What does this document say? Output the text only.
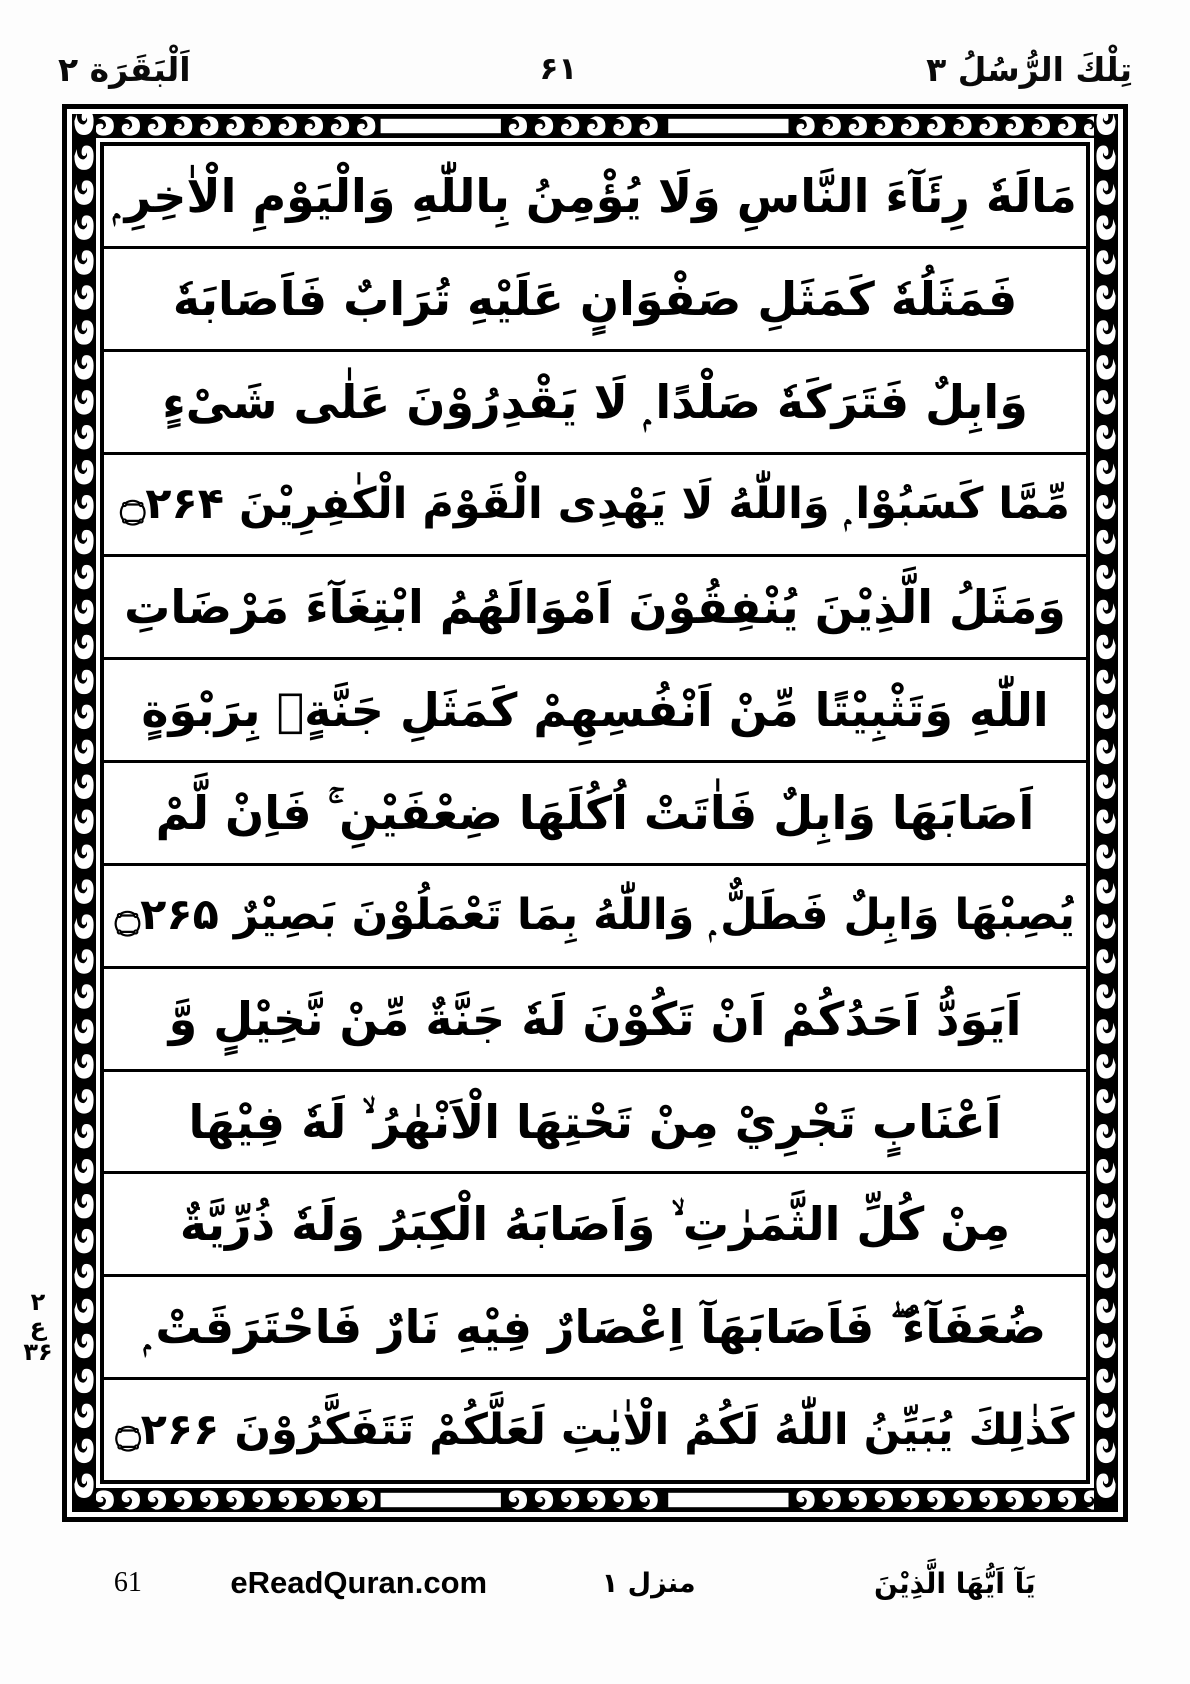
تِلْكَ الرُّسُلُ ۳
۶۱
اَلْبَقَرَة ۲
۲
ع
۳۶
مَالَهٗ رِئَآءَ النَّاسِ وَلَا يُؤْمِنُ بِاللّٰهِ وَالْيَوْمِ الْاٰخِرِ ۭ
فَمَثَلُهٗ كَمَثَلِ صَفْوَانٍ عَلَيْهِ تُرَابٌ فَاَصَابَهٗ
وَابِلٌ فَتَرَكَهٗ صَلْدًا ۭ لَا يَقْدِرُوْنَ عَلٰى شَىْءٍ
مِّمَّا كَسَبُوْا ۭ وَاللّٰهُ لَا يَهْدِى الْقَوْمَ الْكٰفِرِيْنَ ۝۲۶۴
وَمَثَلُ الَّذِيْنَ يُنْفِقُوْنَ اَمْوَالَهُمُ ابْتِغَآءَ مَرْضَاتِ
اللّٰهِ وَتَثْبِيْتًا مِّنْ اَنْفُسِهِمْ كَمَثَلِ جَنَّةٍۭ بِرَبْوَةٍ
اَصَابَهَا وَابِلٌ فَاٰتَتْ اُكُلَهَا ضِعْفَيْنِ ۚ فَاِنْ لَّمْ
يُصِبْهَا وَابِلٌ فَطَلٌّ ۭ وَاللّٰهُ بِمَا تَعْمَلُوْنَ بَصِيْرٌ ۝۲۶۵
اَيَوَدُّ اَحَدُكُمْ اَنْ تَكُوْنَ لَهٗ جَنَّةٌ مِّنْ نَّخِيْلٍ وَّ
اَعْنَابٍ تَجْرِيْ مِنْ تَحْتِهَا الْاَنْهٰرُ ۙ لَهٗ فِيْهَا
مِنْ كُلِّ الثَّمَرٰتِ ۙ وَاَصَابَهُ الْكِبَرُ وَلَهٗ ذُرِّيَّةٌ
ضُعَفَآءُ ۖ فَاَصَابَهَآ اِعْصَارٌ فِيْهِ نَارٌ فَاحْتَرَقَتْ ۭ
كَذٰلِكَ يُبَيِّنُ اللّٰهُ لَكُمُ الْاٰيٰتِ لَعَلَّكُمْ تَتَفَكَّرُوْنَ ۝۲۶۶
يَآ اَيُّهَا الَّذِيْنَ
منزل ۱
eReadQuran.com
61
